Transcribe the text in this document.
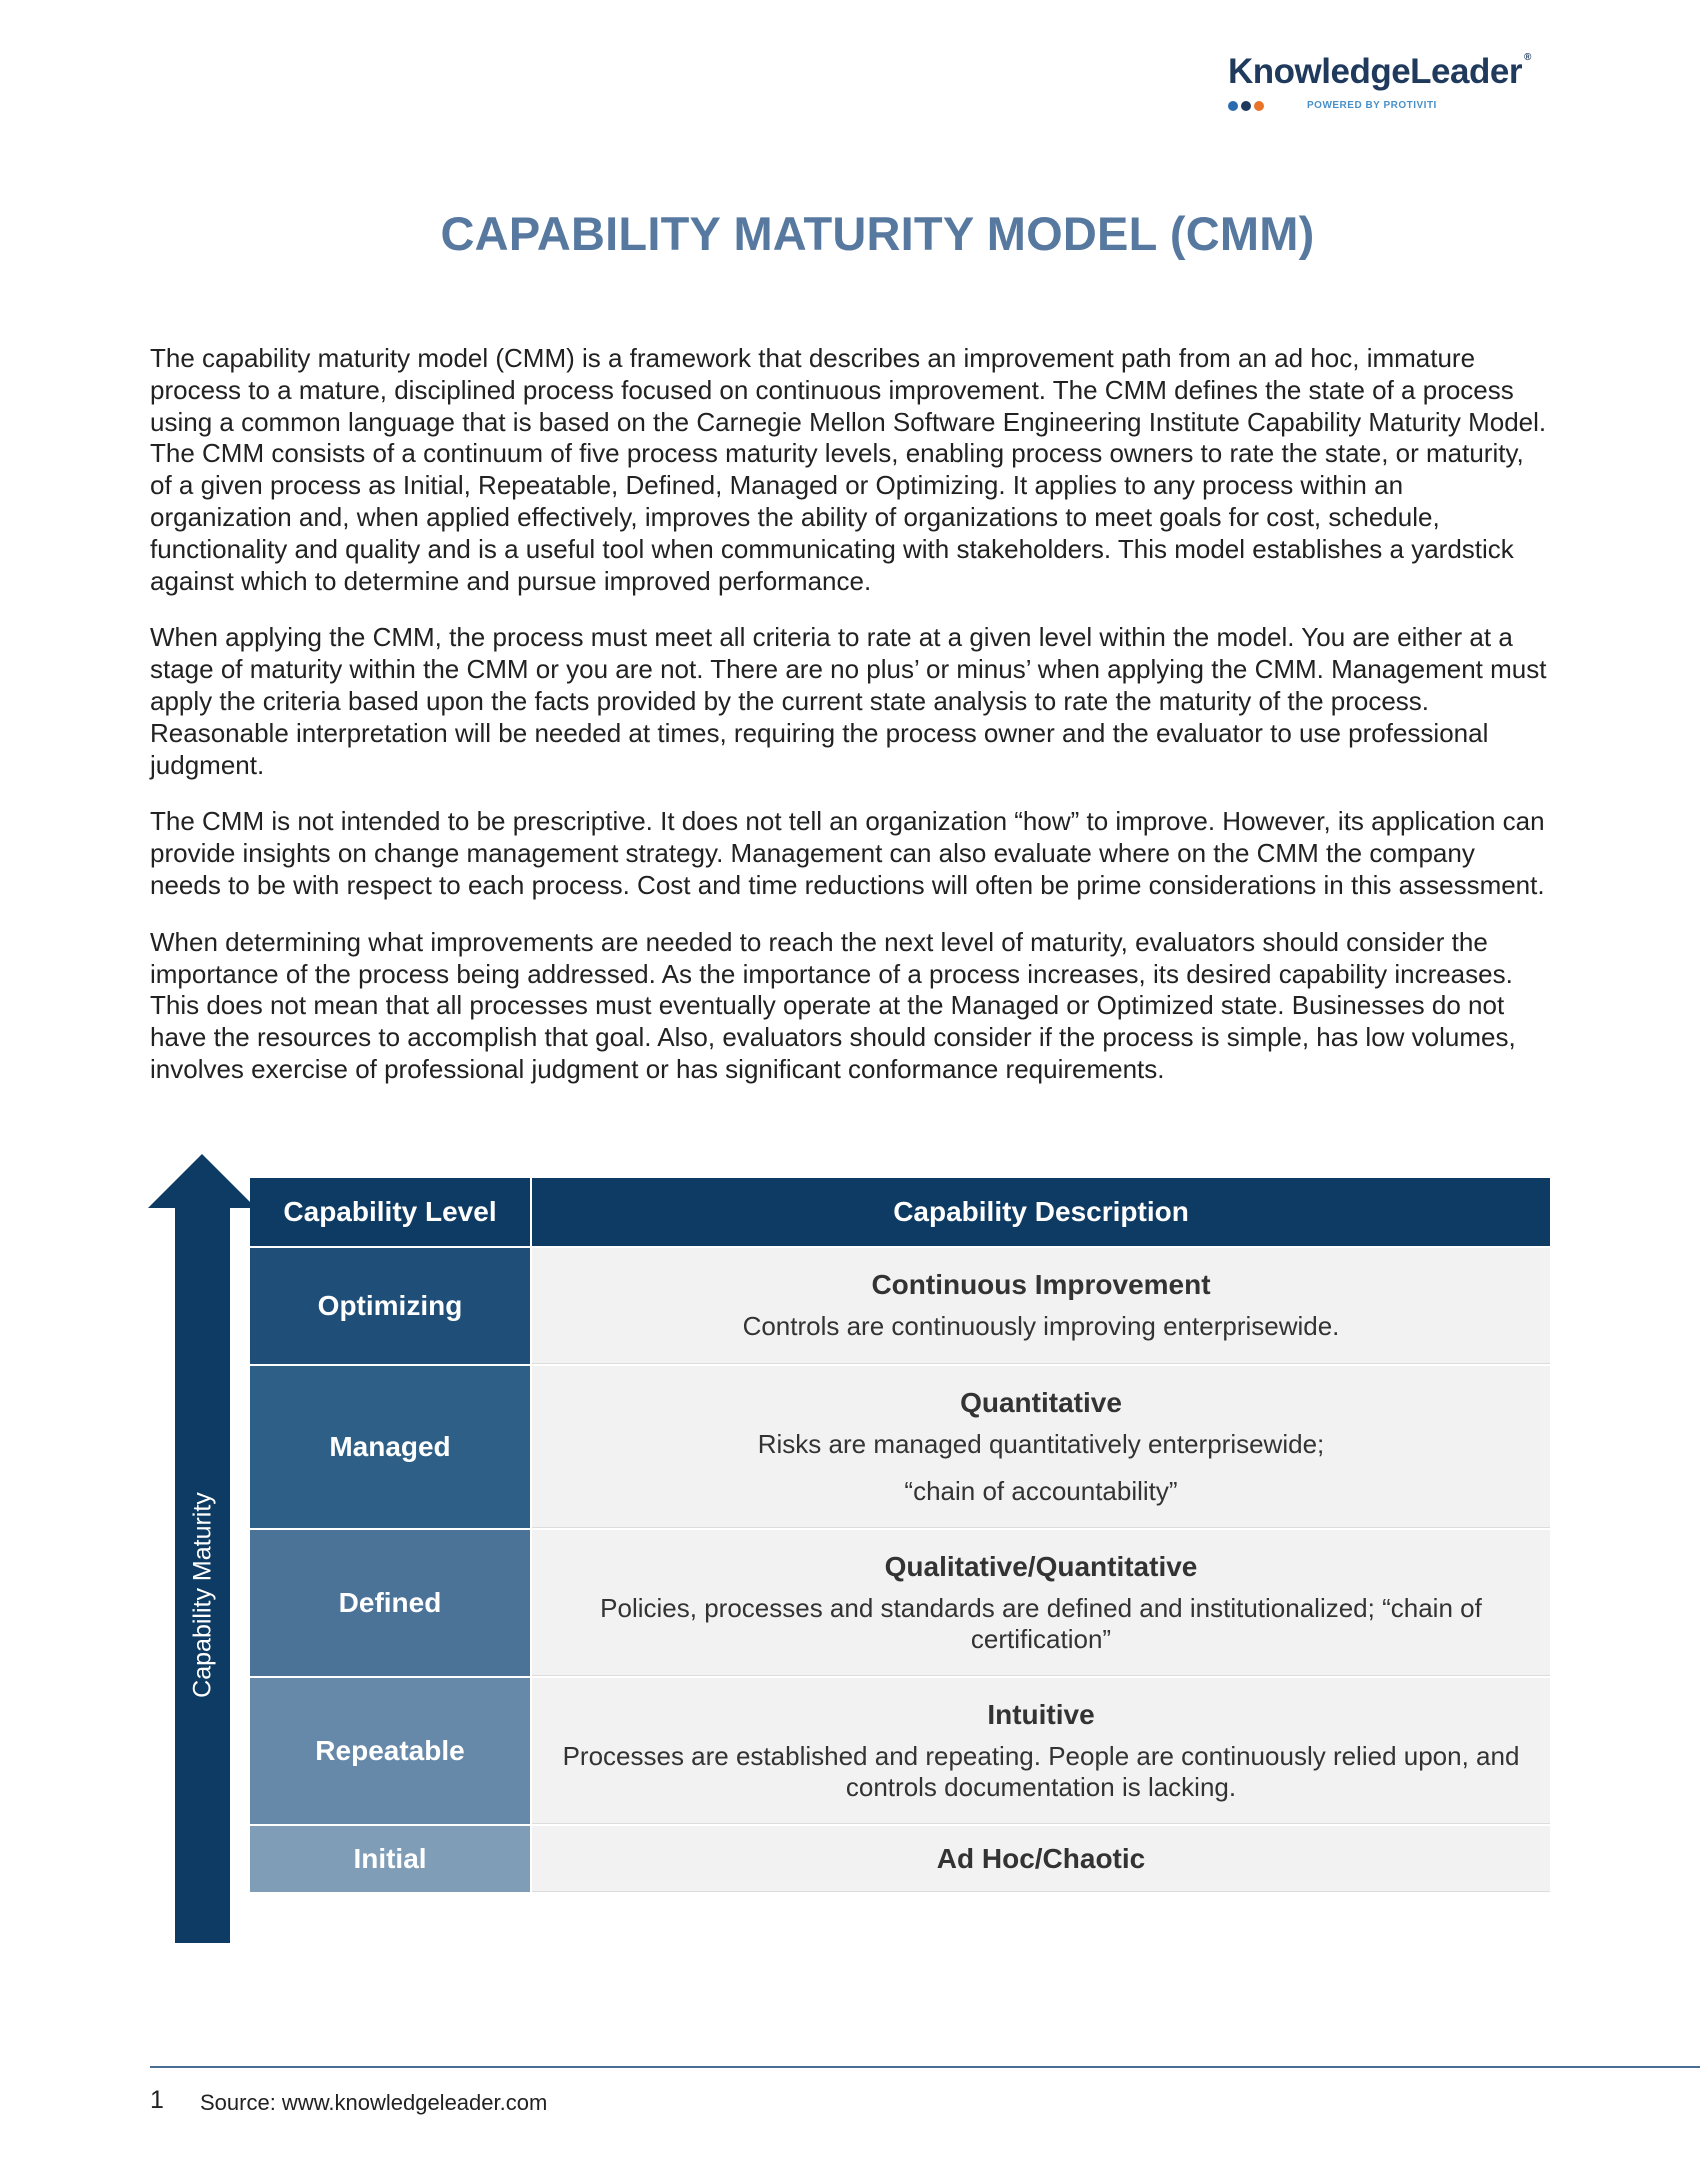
KnowledgeLeader ®
POWERED BY PROTIVITI
CAPABILITY MATURITY MODEL (CMM)

The capability maturity model (CMM) is a framework that describes an improvement path from an ad hoc, immature process to a mature, disciplined process focused on continuous improvement. The CMM defines the state of a process using a common language that is based on the Carnegie Mellon Software Engineering Institute Capability Maturity Model. The CMM consists of a continuum of five process maturity levels, enabling process owners to rate the state, or maturity, of a given process as Initial, Repeatable, Defined, Managed or Optimizing. It applies to any process within an organization and, when applied effectively, improves the ability of organizations to meet goals for cost, schedule, functionality and quality and is a useful tool when communicating with stakeholders. This model establishes a yardstick against which to determine and pursue improved performance.

When applying the CMM, the process must meet all criteria to rate at a given level within the model. You are either at a stage of maturity within the CMM or you are not. There are no plus’ or minus’ when applying the CMM. Management must apply the criteria based upon the facts provided by the current state analysis to rate the maturity of the process. Reasonable interpretation will be needed at times, requiring the process owner and the evaluator to use professional judgment.

The CMM is not intended to be prescriptive. It does not tell an organization “how” to improve. However, its application can provide insights on change management strategy. Management can also evaluate where on the CMM the company needs to be with respect to each process. Cost and time reductions will often be prime considerations in this assessment.

When determining what improvements are needed to reach the next level of maturity, evaluators should consider the importance of the process being addressed. As the importance of a process increases, its desired capability increases. This does not mean that all processes must eventually operate at the Managed or Optimized state. Businesses do not have the resources to accomplish that goal. Also, evaluators should consider if the process is simple, has low volumes, involves exercise of professional judgment or has significant conformance requirements.

Capability Maturity
Capability Level	Capability Description
Optimizing
Continuous Improvement
Controls are continuously improving enterprisewide.
Managed
Quantitative
Risks are managed quantitatively enterprisewide;
“chain of accountability”
Defined
Qualitative/Quantitative
Policies, processes and standards are defined and institutionalized; “chain of certification”
Repeatable
Intuitive
Processes are established and repeating. People are continuously relied upon, and controls documentation is lacking.
Initial	Ad Hoc/Chaotic
1 Source: www.knowledgeleader.com
